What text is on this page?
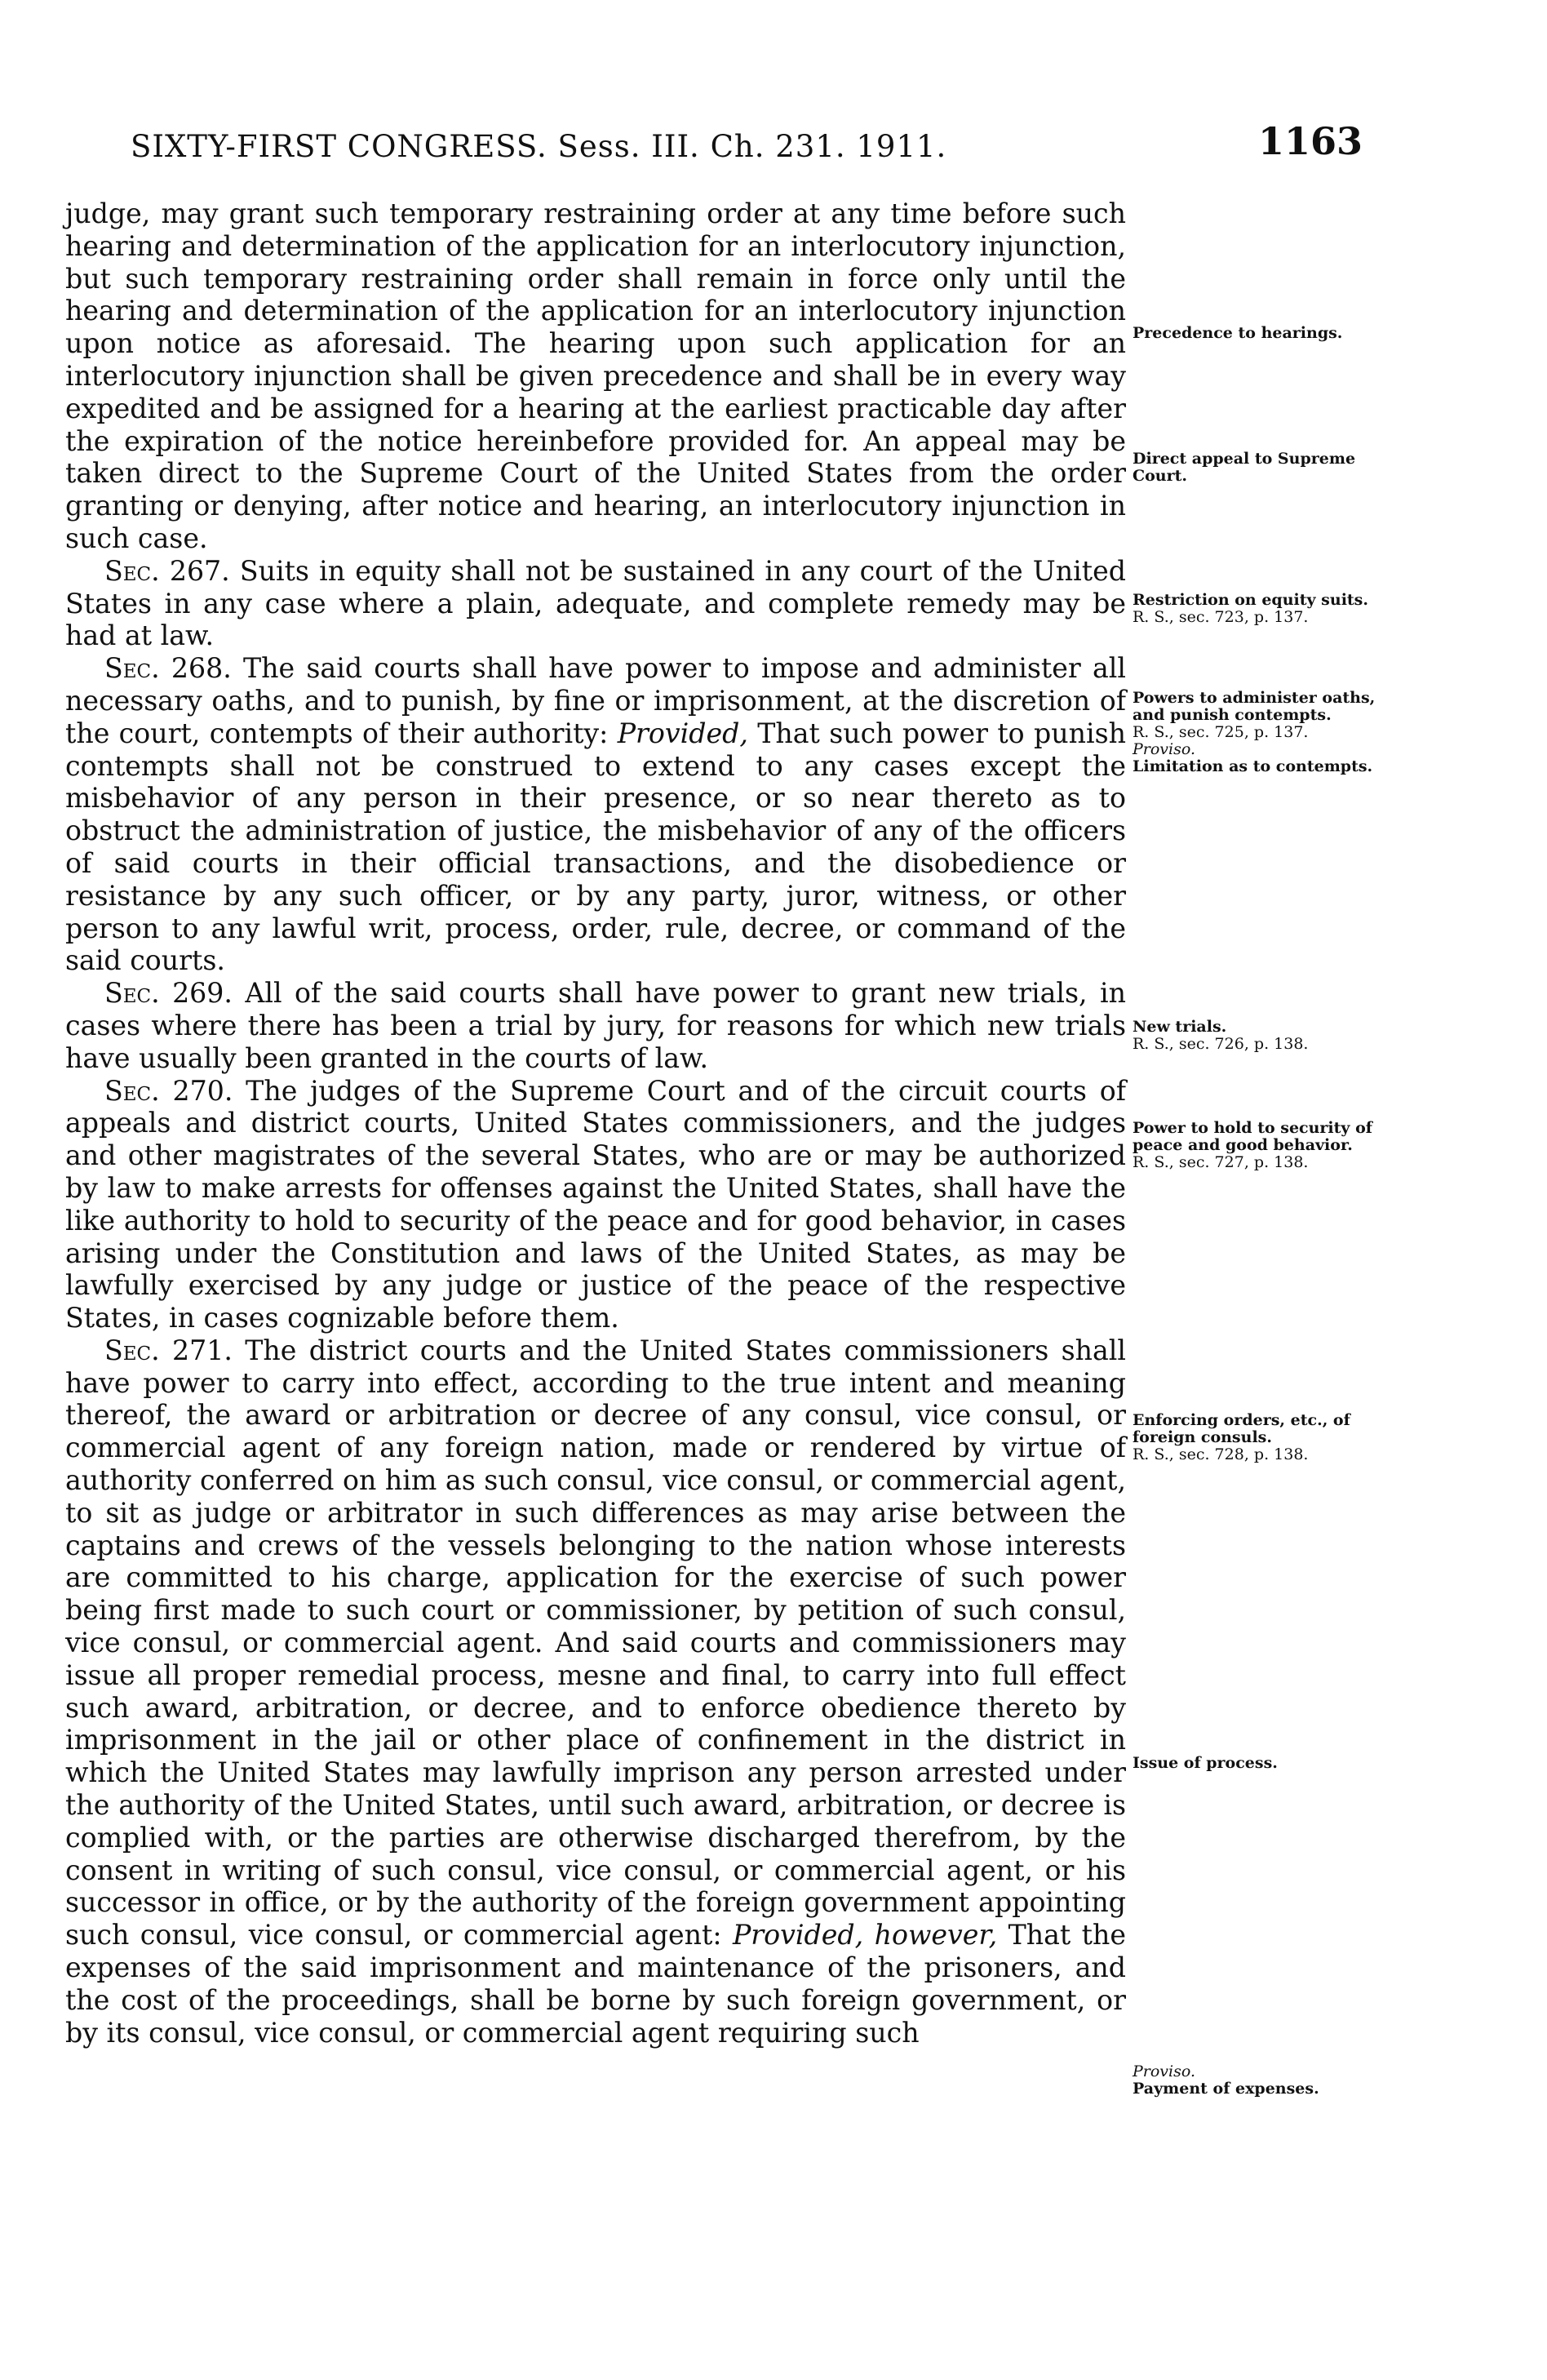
SIXTY-FIRST CONGRESS. Sess. III. Ch. 231. 1911.	1163

judge, may grant such temporary restraining order at any time before such hearing and determination of the application for an interlocutory injunction, but such temporary restraining order shall remain in force only until the hearing and determination of the application for an interlocutory injunction upon notice as aforesaid. The hearing upon such application for an interlocutory injunction shall be given precedence and shall be in every way expedited and be assigned for a hearing at the earliest practicable day after the expiration of the notice hereinbefore provided for. An appeal may be taken direct to the Supreme Court of the United States from the order granting or denying, after notice and hearing, an interlocutory injunction in such case.

Sec. 267. Suits in equity shall not be sustained in any court of the United States in any case where a plain, adequate, and complete remedy may be had at law.

Sec. 268. The said courts shall have power to impose and administer all necessary oaths, and to punish, by fine or imprisonment, at the discretion of the court, contempts of their authority: Provided, That such power to punish contempts shall not be construed to extend to any cases except the misbehavior of any person in their presence, or so near thereto as to obstruct the administration of justice, the misbehavior of any of the officers of said courts in their official transactions, and the disobedience or resistance by any such officer, or by any party, juror, witness, or other person to any lawful writ, process, order, rule, decree, or command of the said courts.

Sec. 269. All of the said courts shall have power to grant new trials, in cases where there has been a trial by jury, for reasons for which new trials have usually been granted in the courts of law.

Sec. 270. The judges of the Supreme Court and of the circuit courts of appeals and district courts, United States commissioners, and the judges and other magistrates of the several States, who are or may be authorized by law to make arrests for offenses against the United States, shall have the like authority to hold to security of the peace and for good behavior, in cases arising under the Constitution and laws of the United States, as may be lawfully exercised by any judge or justice of the peace of the respective States, in cases cognizable before them.

Sec. 271. The district courts and the United States commissioners shall have power to carry into effect, according to the true intent and meaning thereof, the award or arbitration or decree of any consul, vice consul, or commercial agent of any foreign nation, made or rendered by virtue of authority conferred on him as such consul, vice consul, or commercial agent, to sit as judge or arbitrator in such differences as may arise between the captains and crews of the vessels belonging to the nation whose interests are committed to his charge, application for the exercise of such power being first made to such court or commissioner, by petition of such consul, vice consul, or commercial agent. And said courts and commissioners may issue all proper remedial process, mesne and final, to carry into full effect such award, arbitration, or decree, and to enforce obedience thereto by imprisonment in the jail or other place of confinement in the district in which the United States may lawfully imprison any person arrested under the authority of the United States, until such award, arbitration, or decree is complied with, or the parties are otherwise discharged therefrom, by the consent in writing of such consul, vice consul, or commercial agent, or his successor in office, or by the authority of the foreign government appointing such consul, vice consul, or commercial agent: Provided, however, That the expenses of the said imprisonment and maintenance of the prisoners, and the cost of the proceedings, shall be borne by such foreign government, or by its consul, vice consul, or commercial agent requiring such

Precedence to hearings.
Direct appeal to Supreme Court.
Restriction on equity suits.
R. S., sec. 723, p. 137.
Powers to administer oaths, and punish contempts.
R. S., sec. 725, p. 137.
Proviso.
Limitation as to contempts.
New trials.
R. S., sec. 726, p. 138.
Power to hold to security of peace and good behavior.
R. S., sec. 727, p. 138.
Enforcing orders, etc., of foreign consuls.
R. S., sec. 728, p. 138.
Issue of process.
Proviso.
Payment of expenses.
